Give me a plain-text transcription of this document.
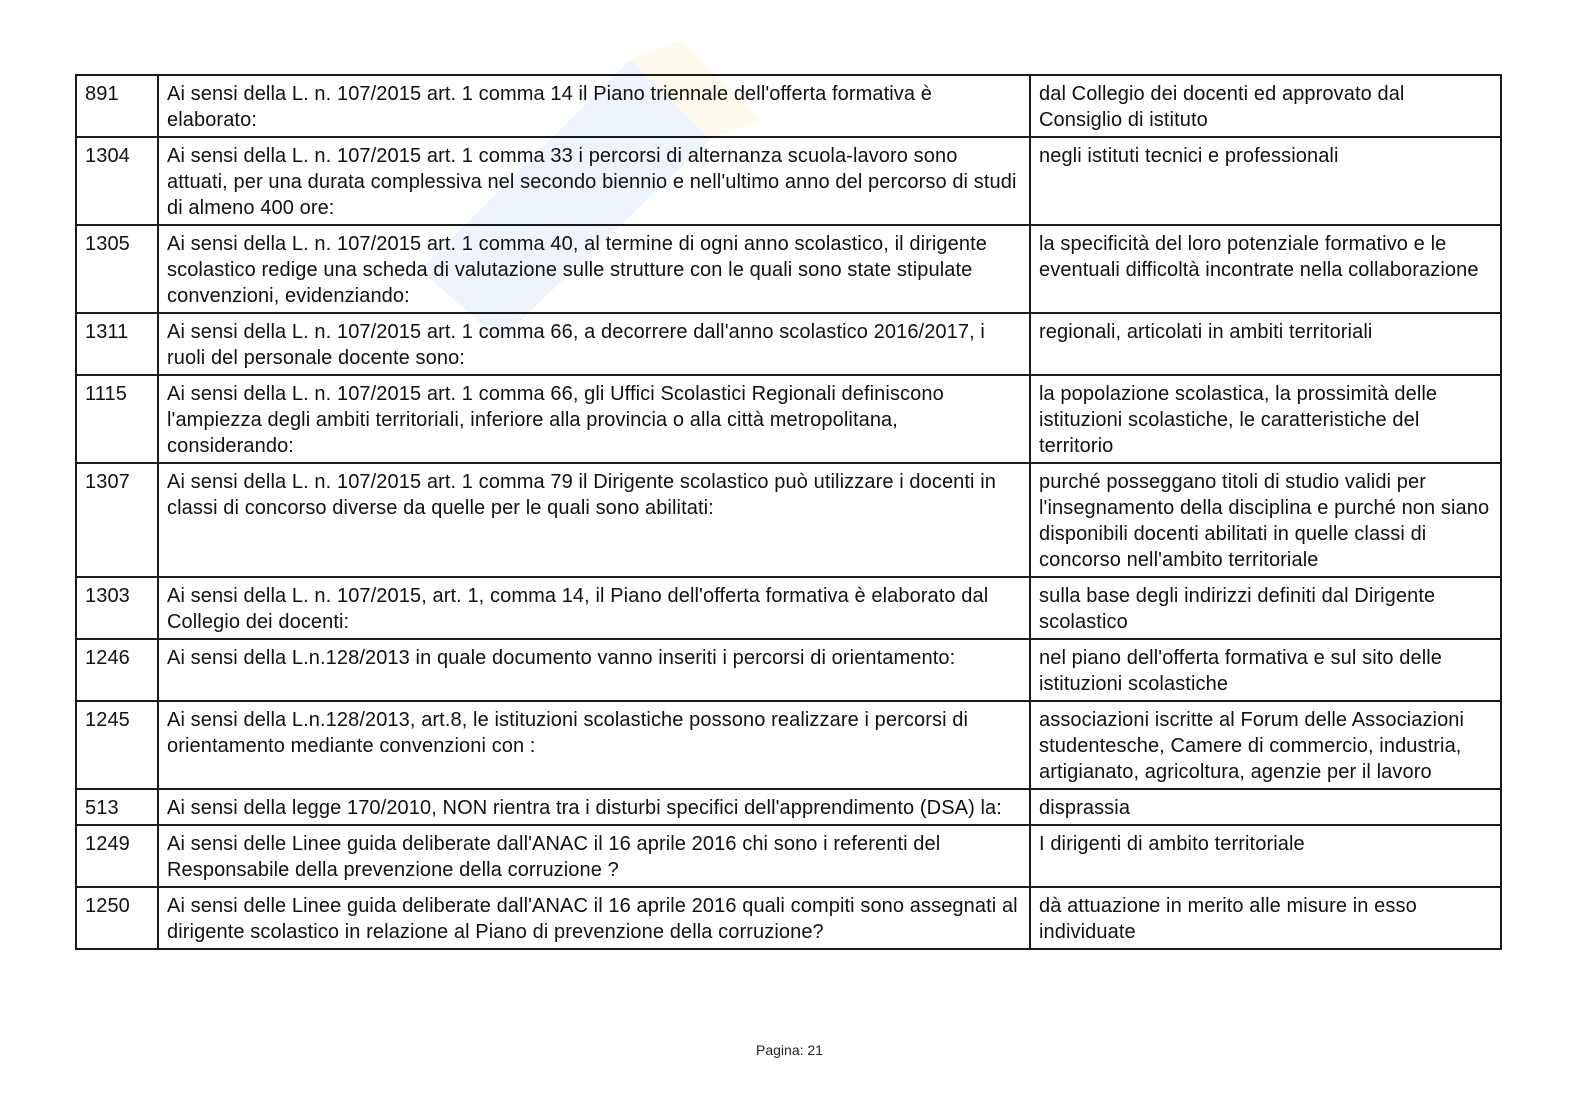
891	Ai sensi della L. n. 107/2015 art. 1 comma 14 il Piano triennale dell'offerta formativa è elaborato:	dal Collegio dei docenti ed approvato dal Consiglio di istituto
1304	Ai sensi della L. n. 107/2015 art. 1 comma 33 i percorsi di alternanza scuola-lavoro sono attuati, per una durata complessiva nel secondo biennio e nell'ultimo anno del percorso di studi di almeno 400 ore:	negli istituti tecnici e professionali
1305	Ai sensi della L. n. 107/2015 art. 1 comma 40, al termine di ogni anno scolastico, il dirigente scolastico redige una scheda di valutazione sulle strutture con le quali sono state stipulate convenzioni, evidenziando:	la specificità del loro potenziale formativo e le eventuali difficoltà incontrate nella collaborazione
1311	Ai sensi della L. n. 107/2015 art. 1 comma 66, a decorrere dall'anno scolastico 2016/2017, i ruoli del personale docente sono:	regionali, articolati in ambiti territoriali
1115	Ai sensi della L. n. 107/2015 art. 1 comma 66, gli Uffici Scolastici Regionali definiscono l'ampiezza degli ambiti territoriali, inferiore alla provincia o alla città metropolitana, considerando:	la popolazione scolastica, la prossimità delle istituzioni scolastiche, le caratteristiche del territorio
1307	Ai sensi della L. n. 107/2015 art. 1 comma 79 il Dirigente scolastico può utilizzare i docenti in classi di concorso diverse da quelle per le quali sono abilitati:	purché posseggano titoli di studio validi per l'insegnamento della disciplina e purché non siano disponibili docenti abilitati in quelle classi di concorso nell'ambito territoriale
1303	Ai sensi della L. n. 107/2015, art. 1, comma 14, il Piano dell'offerta formativa è elaborato dal Collegio dei docenti:	sulla base degli indirizzi definiti dal Dirigente scolastico
1246	Ai sensi della L.n.128/2013 in quale documento vanno inseriti i percorsi di orientamento:	nel piano dell'offerta formativa e sul sito delle istituzioni scolastiche
1245	Ai sensi della L.n.128/2013, art.8, le istituzioni scolastiche possono realizzare i percorsi di orientamento mediante convenzioni con :	associazioni iscritte al Forum delle Associazioni studentesche, Camere di commercio, industria, artigianato, agricoltura, agenzie per il lavoro
513	Ai sensi della legge 170/2010, NON rientra tra i disturbi specifici dell'apprendimento (DSA) la:	disprassia
1249	Ai sensi delle Linee guida deliberate dall'ANAC il 16 aprile 2016 chi sono i referenti del Responsabile della prevenzione della corruzione ?	I dirigenti di ambito territoriale
1250	Ai sensi delle Linee guida deliberate dall'ANAC il 16 aprile 2016 quali compiti sono assegnati al dirigente scolastico in relazione al Piano di prevenzione della corruzione?	dà attuazione in merito alle misure in esso individuate
Pagina: 21
